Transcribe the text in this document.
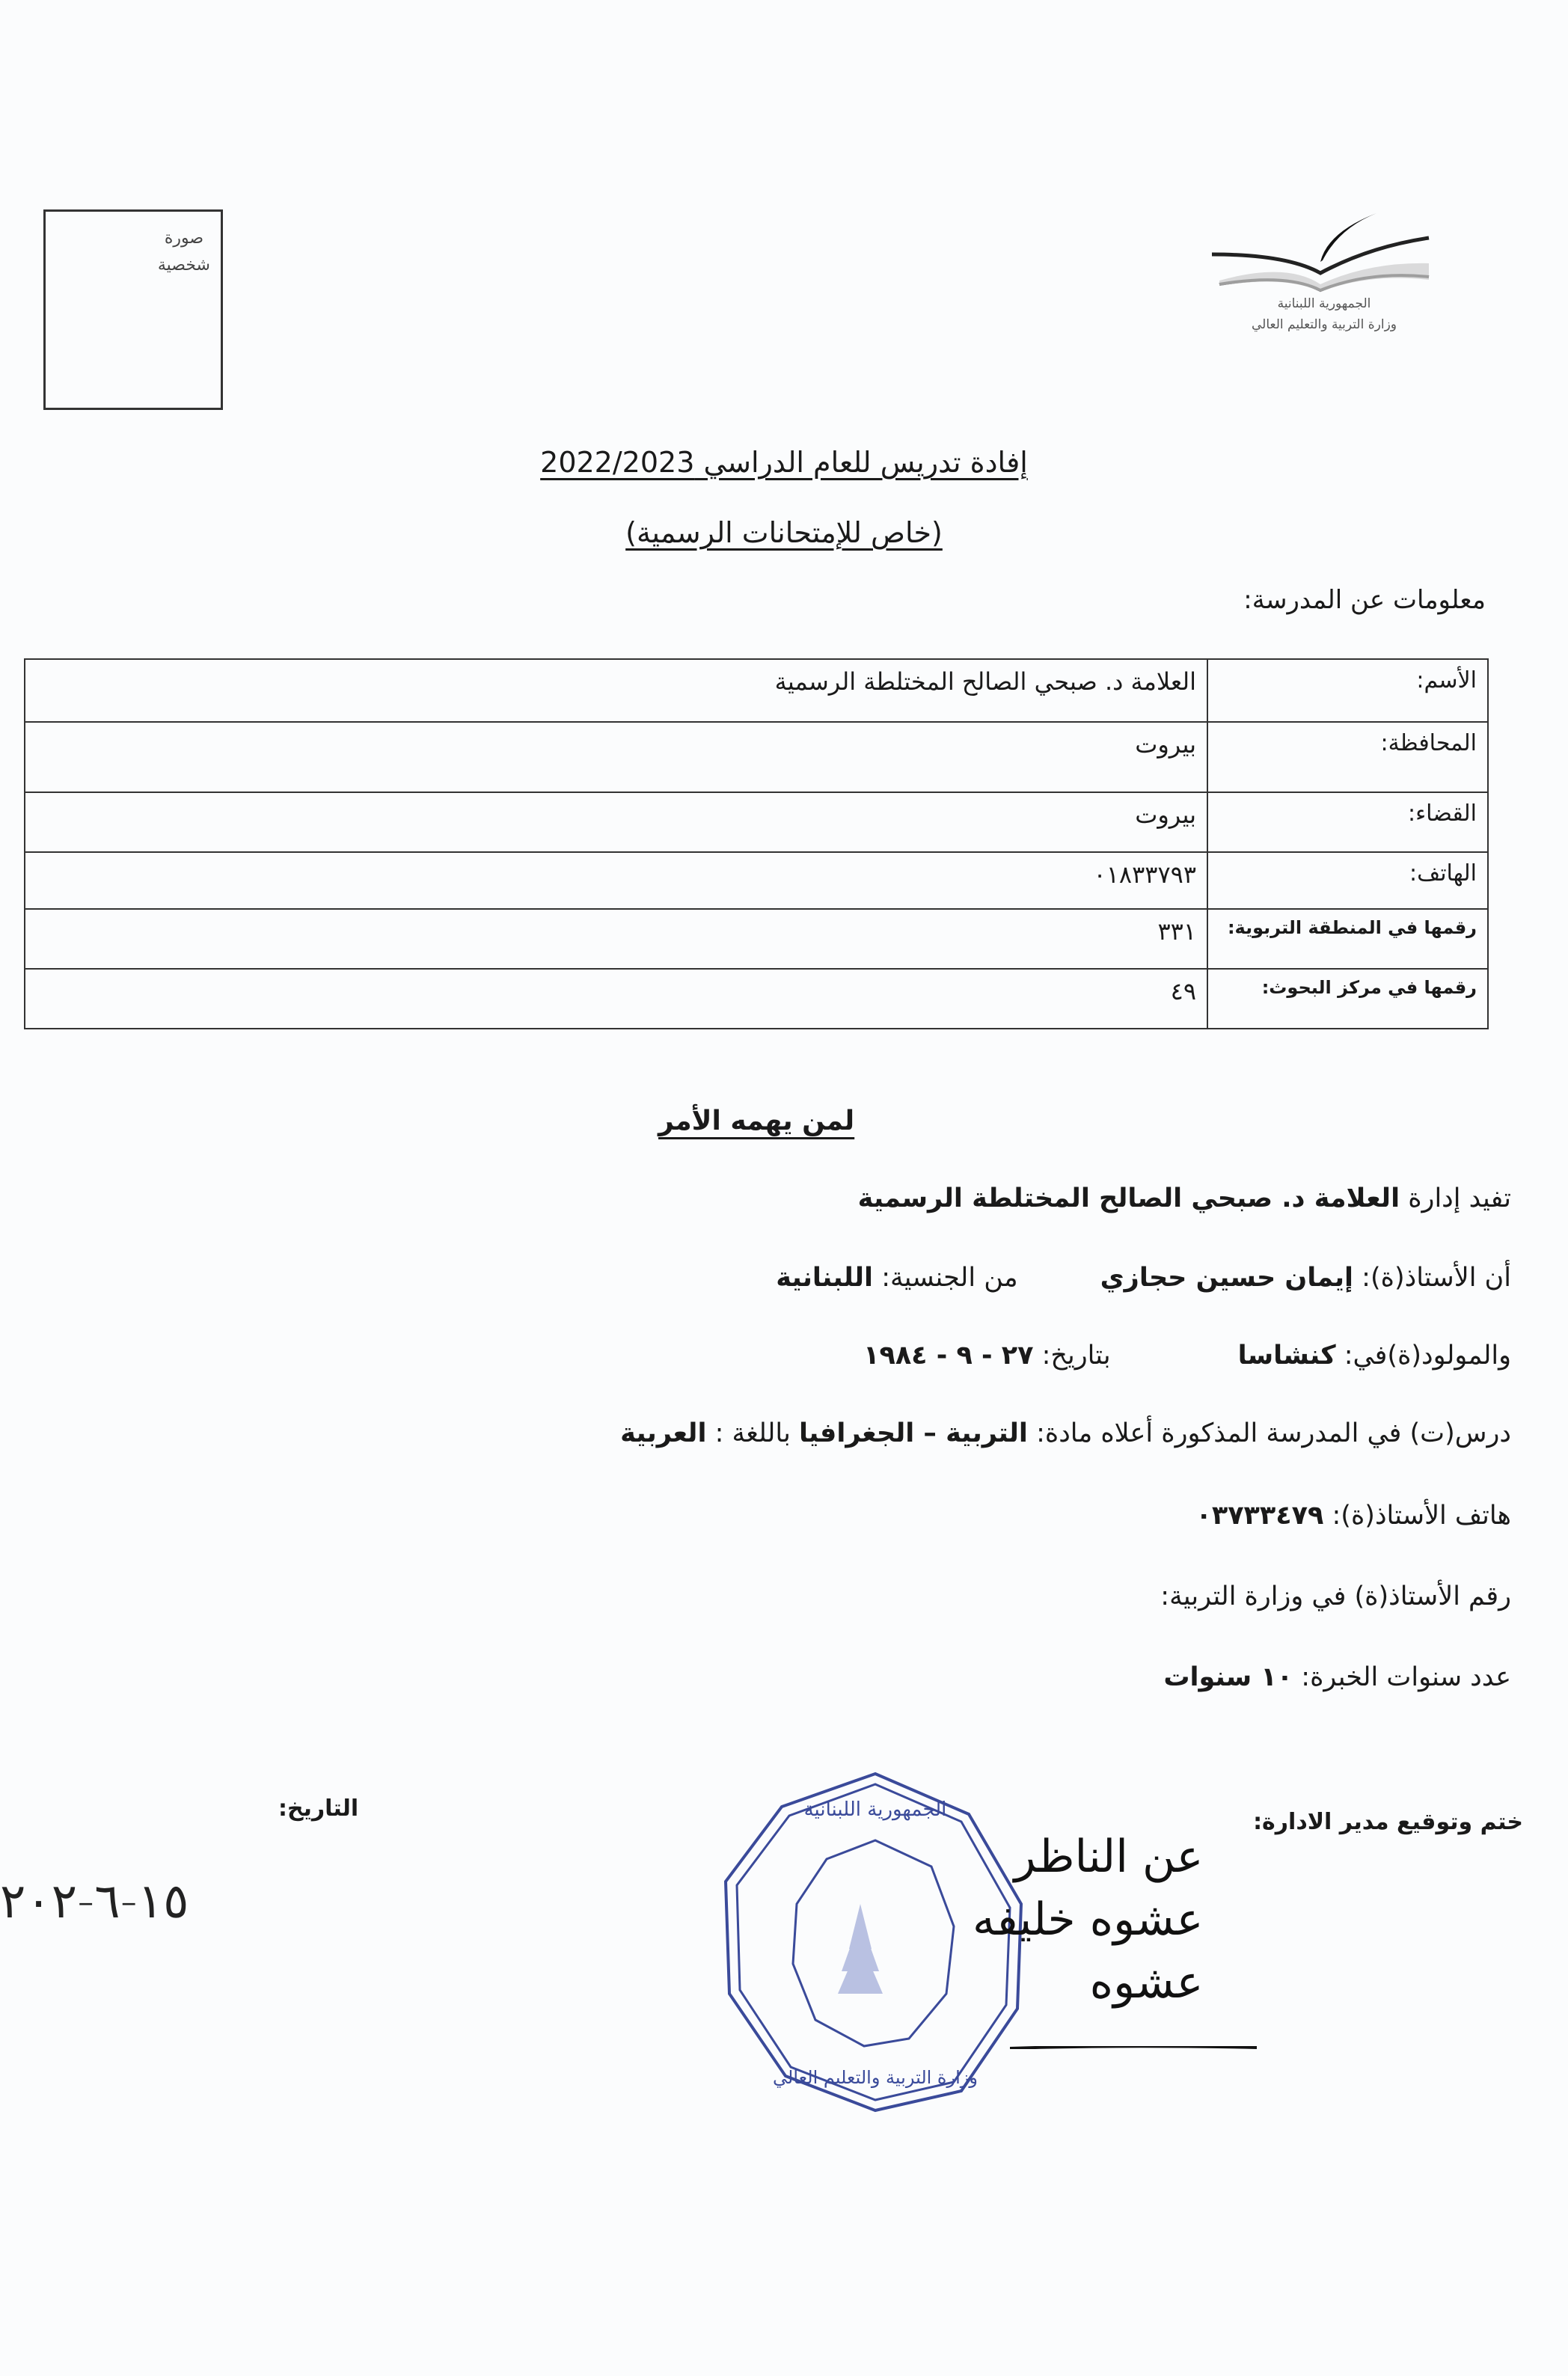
صورة
شخصية
الجمهورية اللبنانية
وزارة التربية والتعليم العالي
إفادة تدريس للعام الدراسي 2022/2023
(خاص للإمتحانات الرسمية)
معلومات عن المدرسة:
الأسم:	العلامة د. صبحي الصالح المختلطة الرسمية
المحافظة:	بيروت
القضاء:	بيروت
الهاتف:	٠١٨٣٣٧٩٣
رقمها في المنطقة التربوية:	٣٣١
رقمها في مركز البحوث:	٤٩
لمن يهمه الأمر
تفيد إدارة العلامة د. صبحي الصالح المختلطة الرسمية
أن الأستاذ(ة): إيمان حسين حجازيمن الجنسية: اللبنانية
والمولود(ة)في: كنشاسابتاريخ: ٢٧ - ٩ - ١٩٨٤
درس(ت) في المدرسة المذكورة أعلاه مادة: التربية – الجغرافيا باللغة : العربية
هاتف الأستاذ(ة): ٠٣٧٣٣٤٧٩
رقم الأستاذ(ة) في وزارة التربية:
عدد سنوات الخبرة: ١٠ سنوات
ختم وتوقيع مدير الادارة:
التاريخ:
١٥-٦-٢٠٢
الجمهورية اللبنانية
وزارة التربية والتعليم العالي
عن الناظر
عشوه خليفه
عشوه
